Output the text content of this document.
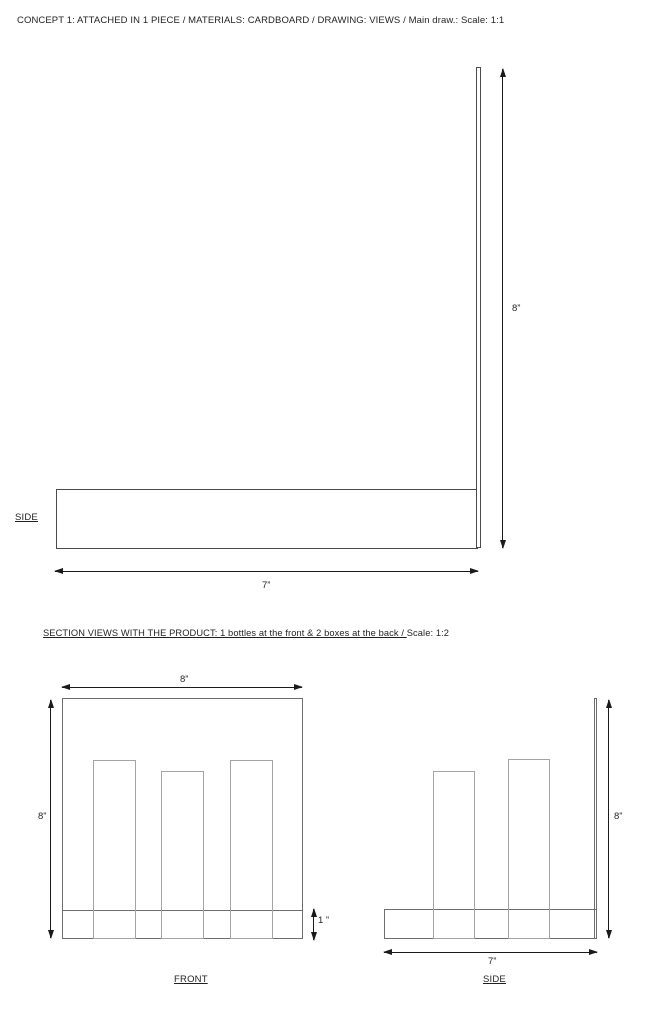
CONCEPT 1: ATTACHED IN 1 PIECE / MATERIALS: CARDBOARD / DRAWING: VIEWS / Main draw.: Scale: 1:1
8”
7”
SIDE
SECTION VIEWS WITH THE PRODUCT: 1 bottles at the front & 2 boxes at the back / Scale: 1:2
8”
8”
1 ”
FRONT
8”
7”
SIDE
